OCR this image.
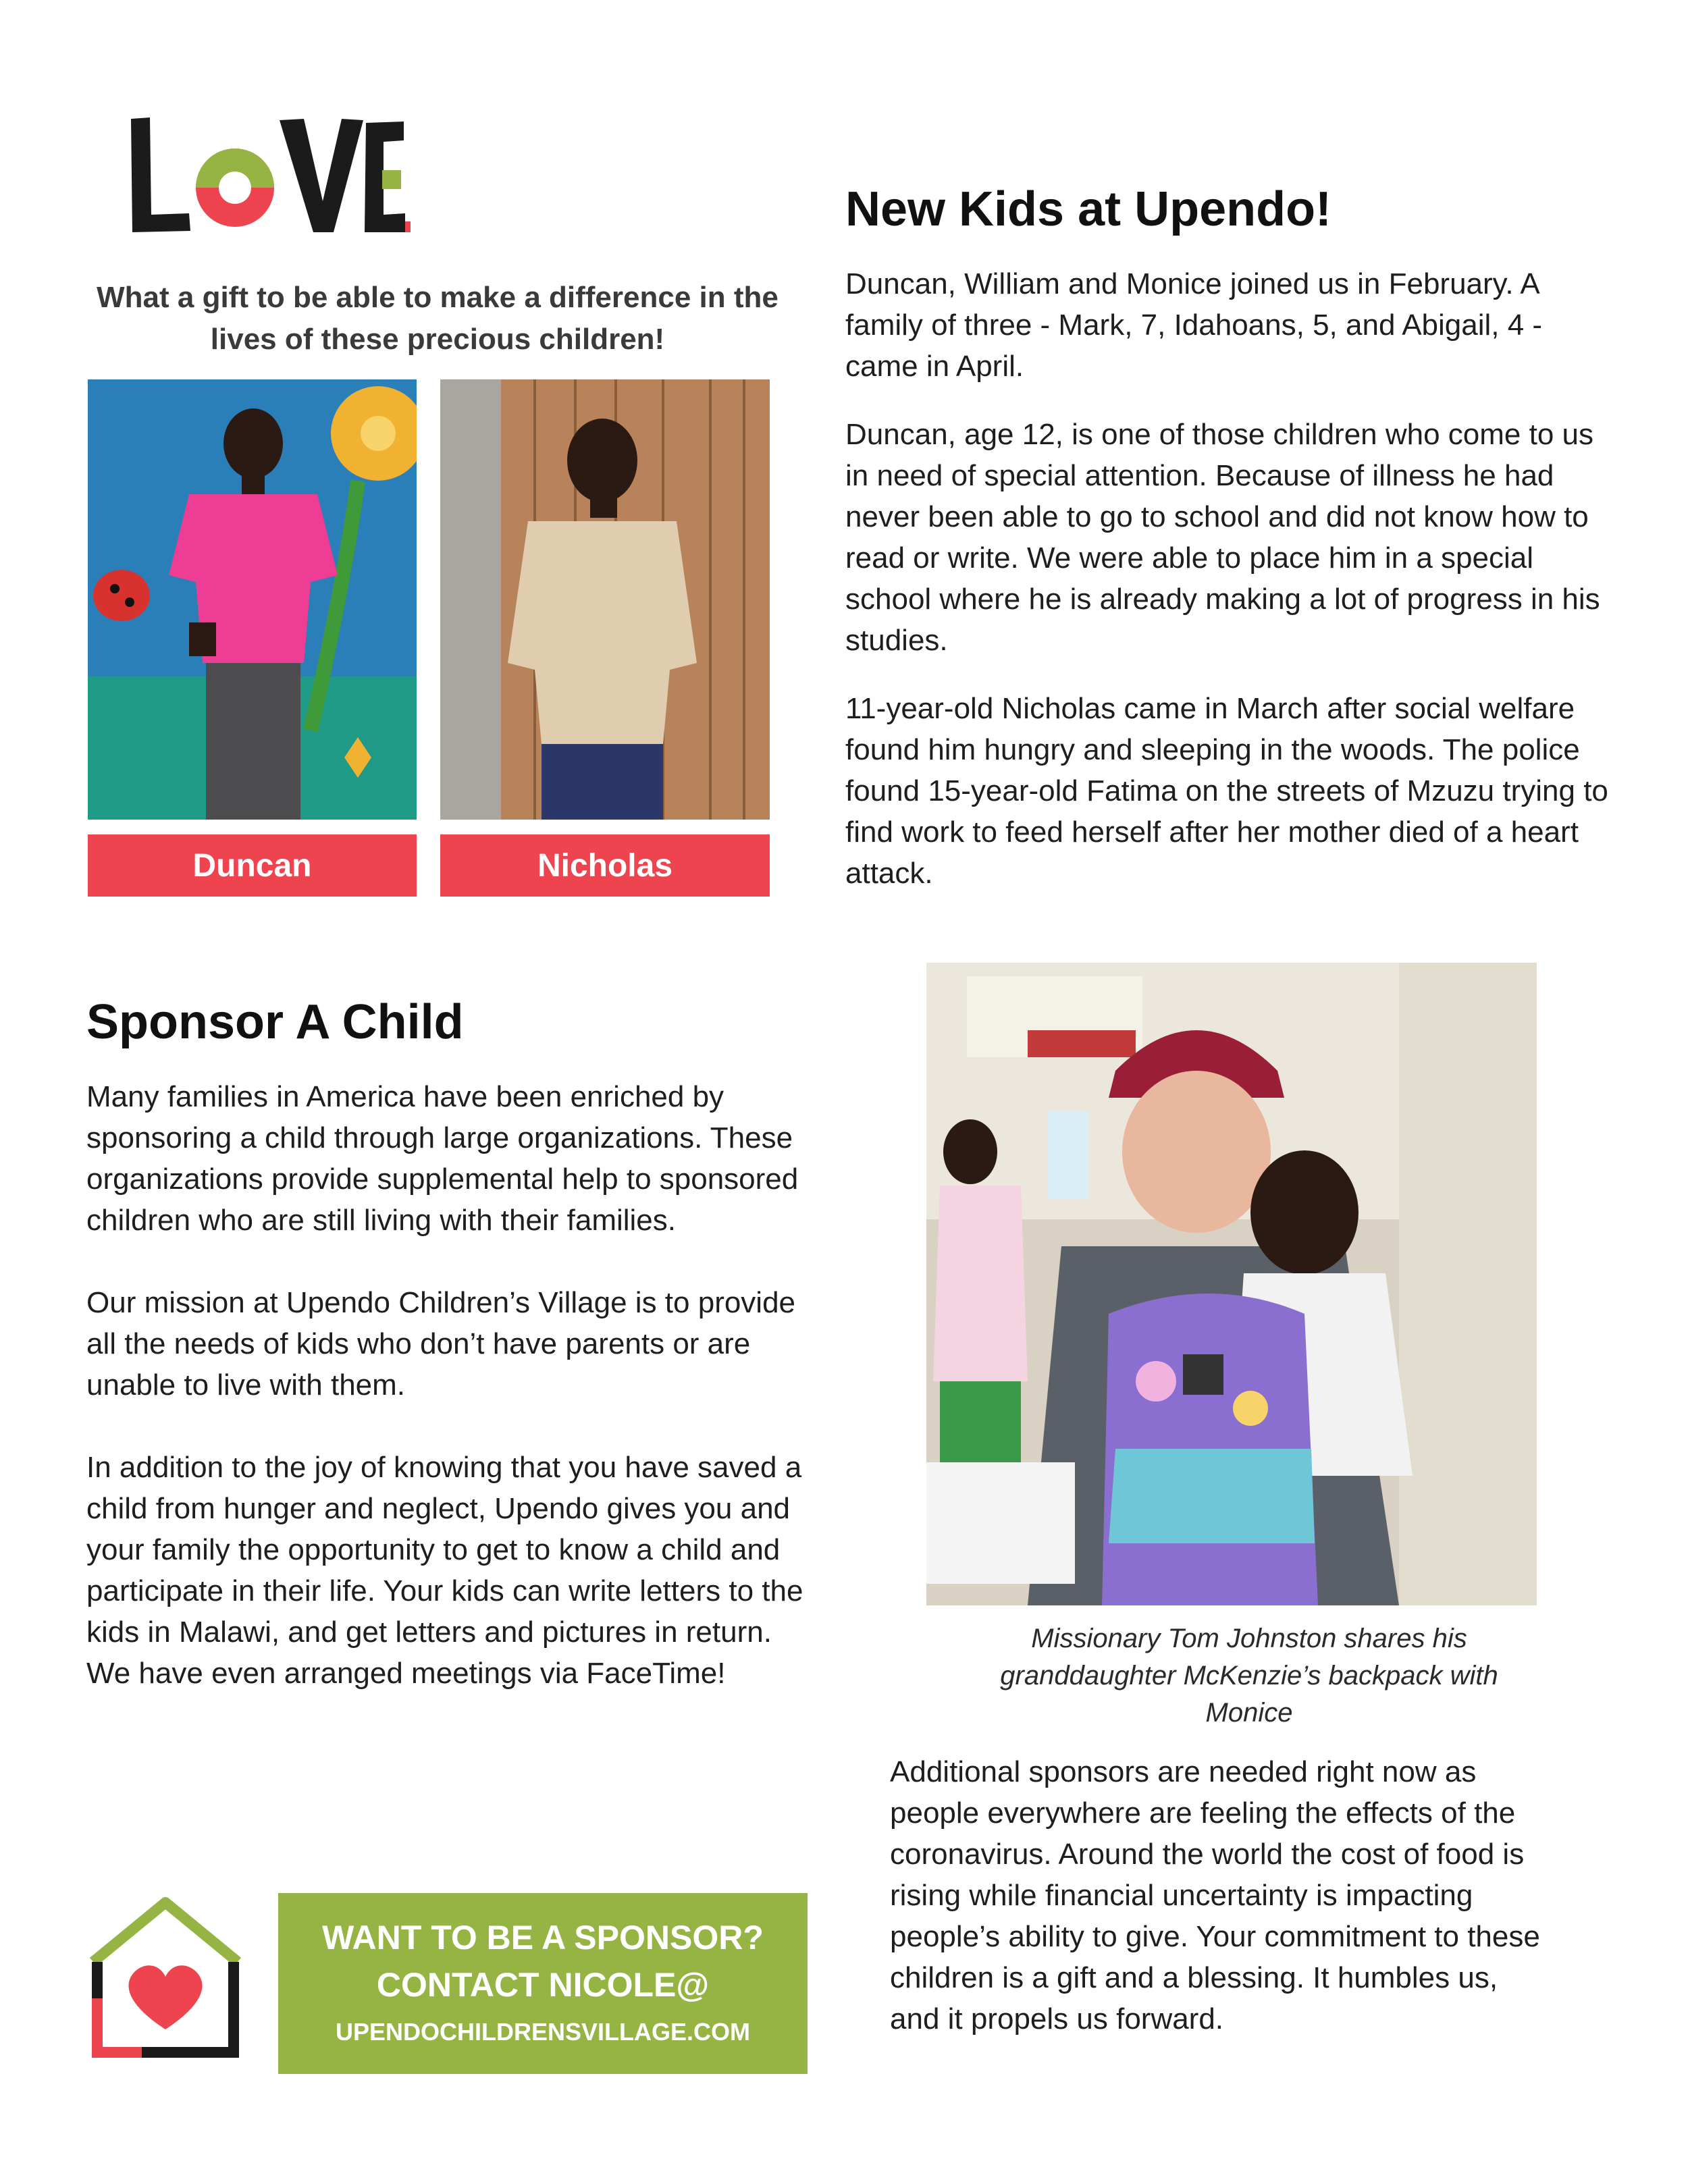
What a gift to be able to make a difference in the lives of these precious children!
Duncan	Nicholas
New Kids at Upendo!

Duncan, William and Monice joined us in February. A family of three - Mark, 7, Idahoans, 5, and Abigail, 4 - came in April.

Duncan, age 12, is one of those children who come to us in need of special attention. Because of illness he had never been able to go to school and did not know how to read or write. We were able to place him in a special school where he is already making a lot of progress in his studies.

11-year-old Nicholas came in March after social welfare found him hungry and sleeping in the woods. The police found 15-year-old Fatima on the streets of Mzuzu trying to find work to feed herself after her mother died of a heart attack.

Sponsor A Child

Many families in America have been enriched by sponsoring a child through large organizations. These organizations provide supplemental help to sponsored children who are still living with their families.

Our mission at Upendo Children’s Village is to provide all the needs of kids who don’t have parents or are unable to live with them.

In addition to the joy of knowing that you have saved a child from hunger and neglect, Upendo gives you and your family the opportunity to get to know a child and participate in their life. Your kids can write letters to the kids in Malawi, and get letters and pictures in return. We have even arranged meetings via FaceTime!

Missionary Tom Johnston shares his granddaughter McKenzie’s backpack with Monice
Additional sponsors are needed right now as people everywhere are feeling the effects of the coronavirus. Around the world the cost of food is rising while financial uncertainty is impacting people’s ability to give. Your commitment to these children is a gift and a blessing. It humbles us, and it propels us forward.
WANT TO BE A SPONSOR?
CONTACT NICOLE@
UPENDOCHILDRENSVILLAGE.COM
